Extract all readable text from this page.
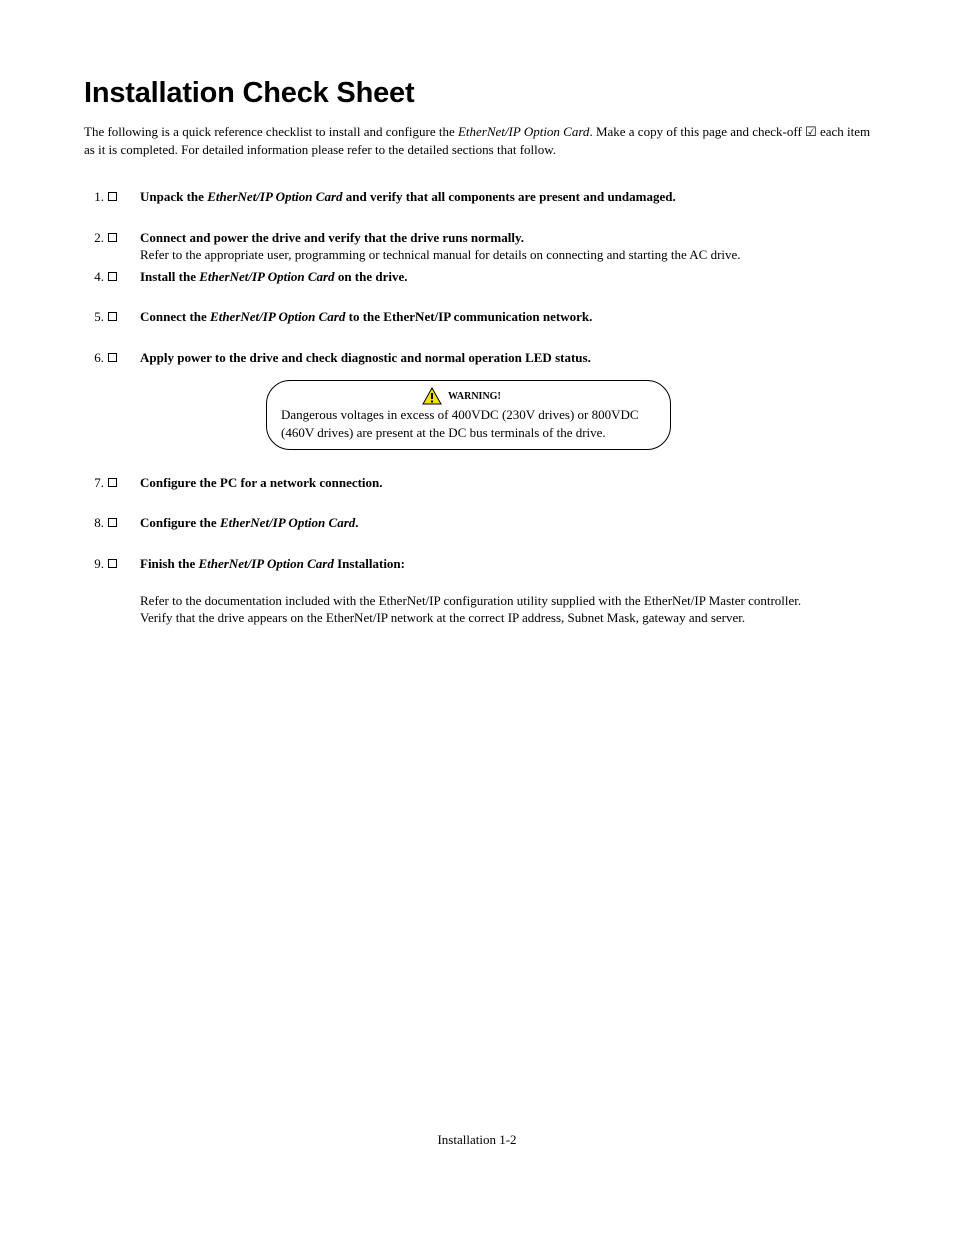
Installation Check Sheet
The following is a quick reference checklist to install and configure the EtherNet/IP Option Card. Make a copy of this page and check-off ☑ each item as it is completed. For detailed information please refer to the detailed sections that follow.
1.	Unpack the EtherNet/IP Option Card and verify that all components are present and undamaged.
2.	Connect and power the drive and verify that the drive runs normally.
Refer to the appropriate user, programming or technical manual for details on connecting and starting the AC drive.
4.	Install the EtherNet/IP Option Card on the drive.
5.	Connect the EtherNet/IP Option Card to the EtherNet/IP communication network.
6.	Apply power to the drive and check diagnostic and normal operation LED status.
WARNING!
Dangerous voltages in excess of 400VDC (230V drives) or 800VDC (460V drives) are present at the DC bus terminals of the drive.
7.	Configure the PC for a network connection.
8.	Configure the EtherNet/IP Option Card.
9.	Finish the EtherNet/IP Option Card Installation:
Refer to the documentation included with the EtherNet/IP configuration utility supplied with the EtherNet/IP Master controller.
Verify that the drive appears on the EtherNet/IP network at the correct IP address, Subnet Mask, gateway and server.
Installation 1-2
